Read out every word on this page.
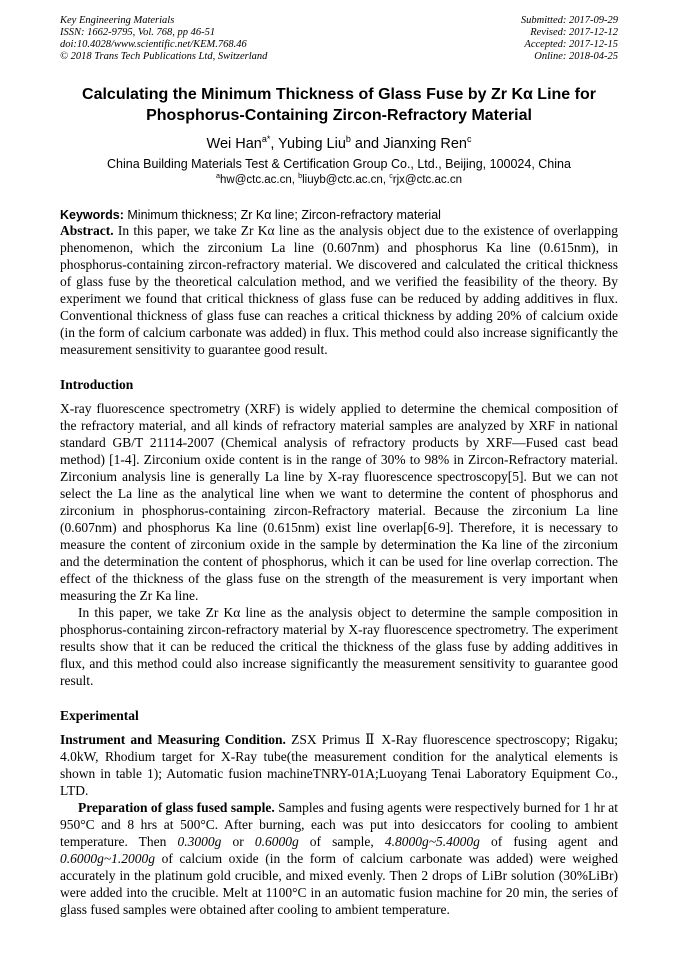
Key Engineering Materials
ISSN: 1662-9795, Vol. 768, pp 46-51
doi:10.4028/www.scientific.net/KEM.768.46
© 2018 Trans Tech Publications Ltd, Switzerland
Submitted: 2017-09-29
Revised: 2017-12-12
Accepted: 2017-12-15
Online: 2018-04-25
Calculating the Minimum Thickness of Glass Fuse by Zr Kα Line for Phosphorus-Containing Zircon-Refractory Material
Wei Han$^{a*}$, Yubing Liu$^b$ and Jianxing Ren$^c$
China Building Materials Test & Certification Group Co., Ltd., Beijing, 100024, China
$^a$hw@ctc.ac.cn, $^b$liuyb@ctc.ac.cn, $^c$rjx@ctc.ac.cn

Keywords: Minimum thickness; Zr Kα line; Zircon-refractory material

Abstract. In this paper, we take Zr Kα line as the analysis object due to the existence of overlapping phenomenon, which the zirconium La line (0.607nm) and phosphorus Ka line (0.615nm), in phosphorus-containing zircon-refractory material. We discovered and calculated the critical thickness of glass fuse by the theoretical calculation method, and we verified the feasibility of the theory. By experiment we found that critical thickness of glass fuse can be reduced by adding additives in flux. Conventional thickness of glass fuse can reaches a critical thickness by adding 20% of calcium oxide (in the form of calcium carbonate was added) in flux. This method could also increase significantly the measurement sensitivity to guarantee good result.

Introduction

X-ray fluorescence spectrometry (XRF) is widely applied to determine the chemical composition of the refractory material, and all kinds of refractory material samples are analyzed by XRF in national standard GB/T 21114-2007 (Chemical analysis of refractory products by XRF—Fused cast bead method) [1-4]. Zirconium oxide content is in the range of 30% to 98% in Zircon-Refractory material. Zirconium analysis line is generally La line by X-ray fluorescence spectroscopy[5]. But we can not select the La line as the analytical line when we want to determine the content of phosphorus and zirconium in phosphorus-containing zircon-Refractory material. Because the zirconium La line (0.607nm) and phosphorus Ka line (0.615nm) exist line overlap[6-9]. Therefore, it is necessary to measure the content of zirconium oxide in the sample by determination the Ka line of the zirconium and the determination the content of phosphorus, which it can be used for line overlap correction. The effect of the thickness of the glass fuse on the strength of the measurement is very important when measuring the Zr Ka line.

In this paper, we take Zr Kα line as the analysis object to determine the sample composition in phosphorus-containing zircon-refractory material by X-ray fluorescence spectrometry. The experiment results show that it can be reduced the critical the thickness of the glass fuse by adding additives in flux, and this method could also increase significantly the measurement sensitivity to guarantee good result.

Experimental

Instrument and Measuring Condition. ZSX Primus Ⅱ X-Ray fluorescence spectroscopy; Rigaku; 4.0kW, Rhodium target for X-Ray tube(the measurement condition for the analytical elements is shown in table 1); Automatic fusion machineTNRY-01A;Luoyang Tenai Laboratory Equipment Co., LTD.

Preparation of glass fused sample. Samples and fusing agents were respectively burned for 1 hr at 950°C and 8 hrs at 500°C. After burning, each was put into desiccators for cooling to ambient temperature. Then 0.3000g or 0.6000g of sample, 4.8000g~5.4000g of fusing agent and 0.6000g~1.2000g of calcium oxide (in the form of calcium carbonate was added) were weighed accurately in the platinum gold crucible, and mixed evenly. Then 2 drops of LiBr solution (30%LiBr) were added into the crucible. Melt at 1100°C in an automatic fusion machine for 20 min, the series of glass fused samples were obtained after cooling to ambient temperature.
